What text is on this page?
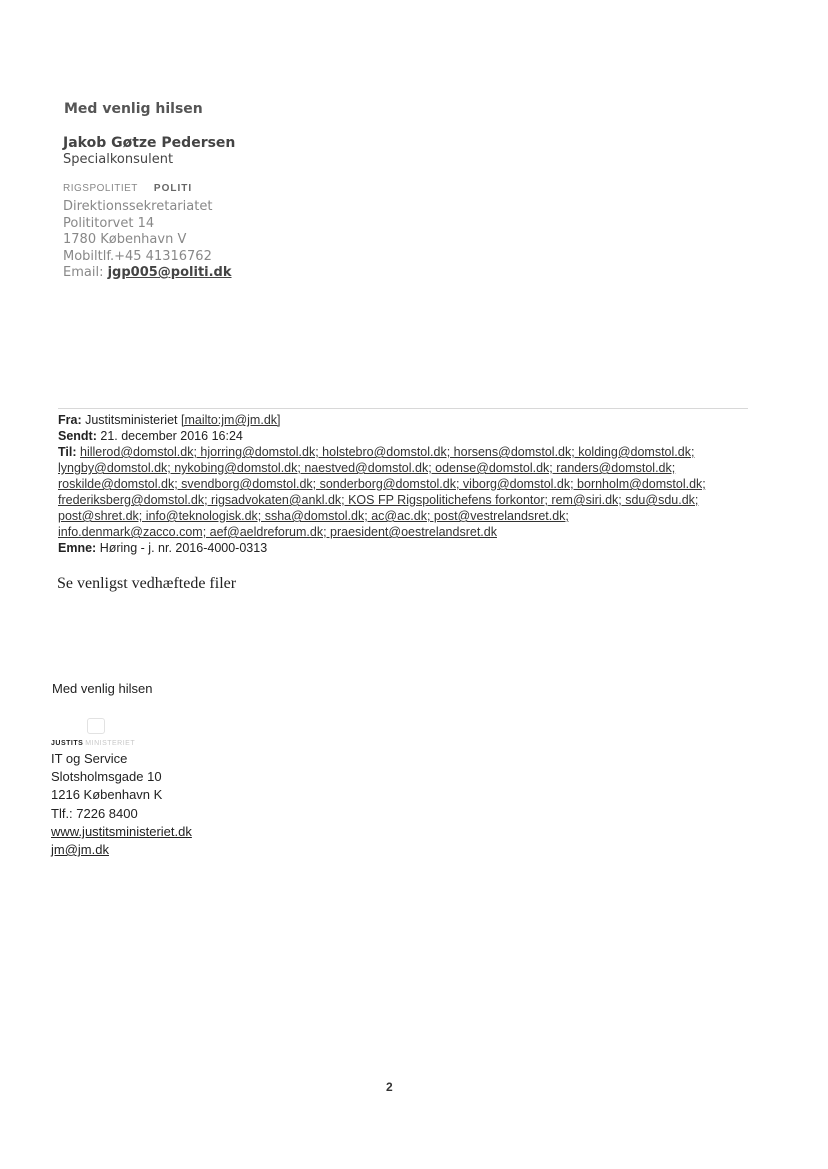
Med venlig hilsen
Jakob Gøtze Pedersen
Specialkonsulent
RIGSPOLITIET POLITI
Direktionssekretariatet
Polititorvet 14
1780 København V
Mobiltlf.+45 41316762
Email: jgp005@politi.dk
Fra: Justitsministeriet [mailto:jm@jm.dk]
Sendt: 21. december 2016 16:24
Til: hillerod@domstol.dk; hjorring@domstol.dk; holstebro@domstol.dk; horsens@domstol.dk; kolding@domstol.dk;
lyngby@domstol.dk; nykobing@domstol.dk; naestved@domstol.dk; odense@domstol.dk; randers@domstol.dk;
roskilde@domstol.dk; svendborg@domstol.dk; sonderborg@domstol.dk; viborg@domstol.dk; bornholm@domstol.dk;
frederiksberg@domstol.dk; rigsadvokaten@ankl.dk; KOS FP Rigspolitichefens forkontor; rem@siri.dk; sdu@sdu.dk;
post@shret.dk; info@teknologisk.dk; ssha@domstol.dk; ac@ac.dk; post@vestrelandsret.dk;
info.denmark@zacco.com; aef@aeldreforum.dk; praesident@oestrelandsret.dk
Emne: Høring - j. nr. 2016-4000-0313
Se venligst vedhæftede filer
Med venlig hilsen
JUSTITS MINISTERIET
IT og Service
Slotsholmsgade 10
1216 København K
Tlf.: 7226 8400
www.justitsministeriet.dk
jm@jm.dk
2
